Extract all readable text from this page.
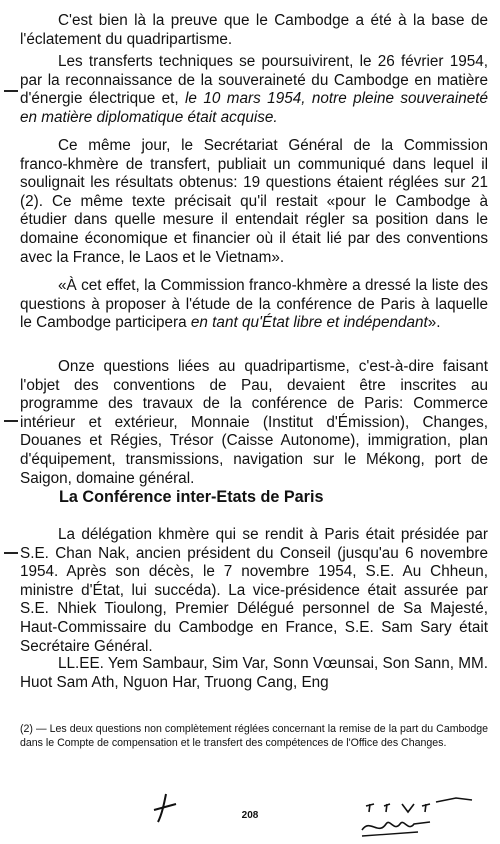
C'est bien là la preuve que le Cambodge a été à la base de l'éclatement du quadripartisme.

Les transferts techniques se poursuivirent, le 26 février 1954, par la reconnaissance de la souveraineté du Cambodge en matière d'énergie électrique et, le 10 mars 1954, notre pleine souveraineté en matière diplomatique était acquise.

Ce même jour, le Secrétariat Général de la Commission franco-khmère de transfert, publiait un communiqué dans lequel il soulignait les résultats obtenus: 19 questions étaient réglées sur 21 (2). Ce même texte précisait qu'il restait «pour le Cambodge à étudier dans quelle mesure il entendait régler sa position dans le domaine économique et financier où il était lié par des conventions avec la France, le Laos et le Vietnam».

«À cet effet, la Commission franco-khmère a dressé la liste des questions à proposer à l'étude de la conférence de Paris à laquelle le Cambodge participera en tant qu'État libre et indépendant».

Onze questions liées au quadripartisme, c'est-à-dire faisant l'objet des conventions de Pau, devaient être inscrites au programme des travaux de la conférence de Paris: Commerce intérieur et extérieur, Monnaie (Institut d'Émission), Changes, Douanes et Régies, Trésor (Caisse Autonome), immigration, plan d'équipement, transmissions, navigation sur le Mékong, port de Saigon, domaine général.

La Conférence inter-Etats de Paris

La délégation khmère qui se rendit à Paris était présidée par S.E. Chan Nak, ancien président du Conseil (jusqu'au 6 novembre 1954. Après son décès, le 7 novembre 1954, S.E. Au Chheun, ministre d'État, lui succéda). La vice-présidence était assurée par S.E. Nhiek Tioulong, Premier Délégué personnel de Sa Majesté, Haut-Commissaire du Cambodge en France, S.E. Sam Sary était Secrétaire Général.

LL.EE. Yem Sambaur, Sim Var, Sonn Vœunsai, Son Sann, MM. Huot Sam Ath, Nguon Har, Truong Cang, Eng

(2) — Les deux questions non complètement réglées concernant la remise de la part du Cambodge dans le Compte de compensation et le transfert des compétences de l'Office des Changes.

208
